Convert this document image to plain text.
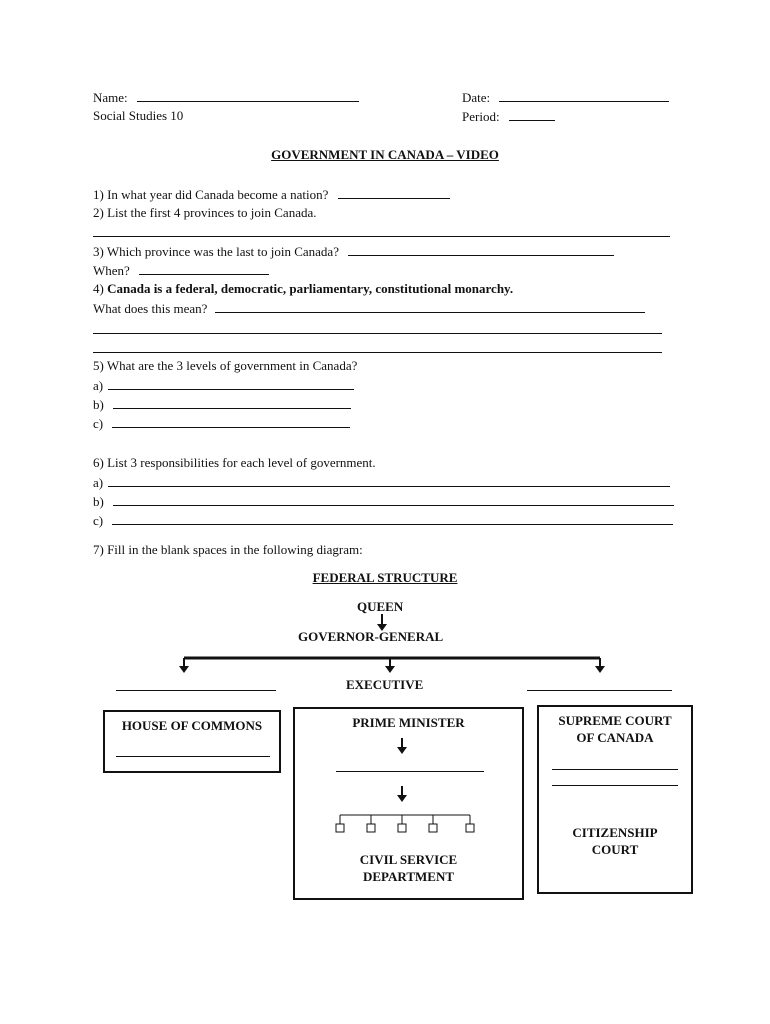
Name:
Social Studies 10
Date:
Period:
GOVERNMENT IN CANADA – VIDEO
1) In what year did Canada become a nation?
2) List the first 4 provinces to join Canada.
3) Which province was the last to join Canada?
When?
4) Canada is a federal, democratic, parliamentary, constitutional monarchy.
What does this mean?
5) What are the 3 levels of government in Canada?
a)
b)
c)
6) List 3 responsibilities for each level of government.
a)
b)
c)
7) Fill in the blank spaces in the following diagram:
FEDERAL STRUCTURE
QUEEN
GOVERNOR-GENERAL
EXECUTIVE
HOUSE OF COMMONS	PRIME MINISTER
CIVIL SERVICE
DEPARTMENT
SUPREME COURT
OF CANADA
CITIZENSHIP
COURT
